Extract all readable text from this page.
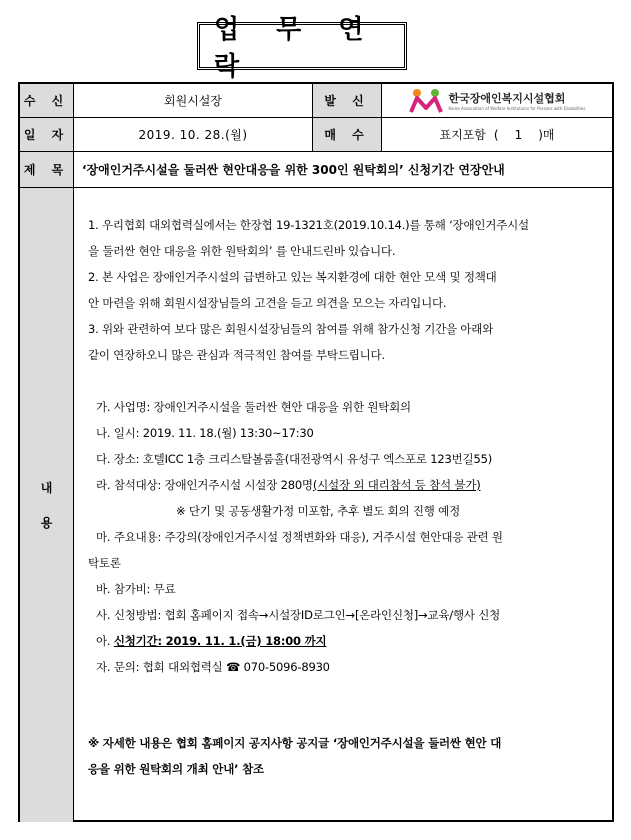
업 무 연 락
수 신	회원시설장	발 신	한국장애인복지시설협회
Korea Association of Welfare Institutions for Persons with Disabilities
일 자	2019. 10. 28.(월)	매 수	표지포함 (	1	)매
제 목	‘장애인거주시설을 둘러싼 현안대응을 위한 300인 원탁회의’ 신청기간 연장안내
내
용

1. 우리협회 대외협력실에서는 한장협 19-1321호(2019.10.14.)를 통해 ‘장애인거주시설

을 둘러싼 현안 대응을 위한 원탁회의’ 를 안내드린바 있습니다.

2. 본 사업은 장애인거주시설의 급변하고 있는 복지환경에 대한 현안 모색 및 정책대

안 마련을 위해 회원시설장님들의 고견을 듣고 의견을 모으는 자리입니다.

3. 위와 관련하여 보다 많은 회원시설장님들의 참여를 위해 참가신청 기간을 아래와

같이 연장하오니 많은 관심과 적극적인 참여를 부탁드립니다.

가. 사업명: 장애인거주시설을 둘러싼 현안 대응을 위한 원탁회의

나. 일시: 2019. 11. 18.(월) 13:30~17:30

다. 장소: 호텔ICC 1층 크리스탈볼룸홀(대전광역시 유성구 엑스포로 123번길55)

라. 참석대상: 장애인거주시설 시설장 280명(시설장 외 대리참석 등 참석 불가)

※ 단기 및 공동생활가정 미포함, 추후 별도 회의 진행 예정

마. 주요내용: 주강의(장애인거주시설 정책변화와 대응), 거주시설 현안대응 관련 원

탁토론

바. 참가비: 무료

사. 신청방법: 협회 홈페이지 접속→시설장ID로그인→[온라인신청]→교육/행사 신청

아. 신청기간: 2019. 11. 1.(금) 18:00 까지

자. 문의: 협회 대외협력실 ☎ 070-5096-8930

※ 자세한 내용은 협회 홈페이지 공지사항 공지글 ‘장애인거주시설을 둘러싼 현안 대

응을 위한 원탁회의 개최 안내’ 참조
